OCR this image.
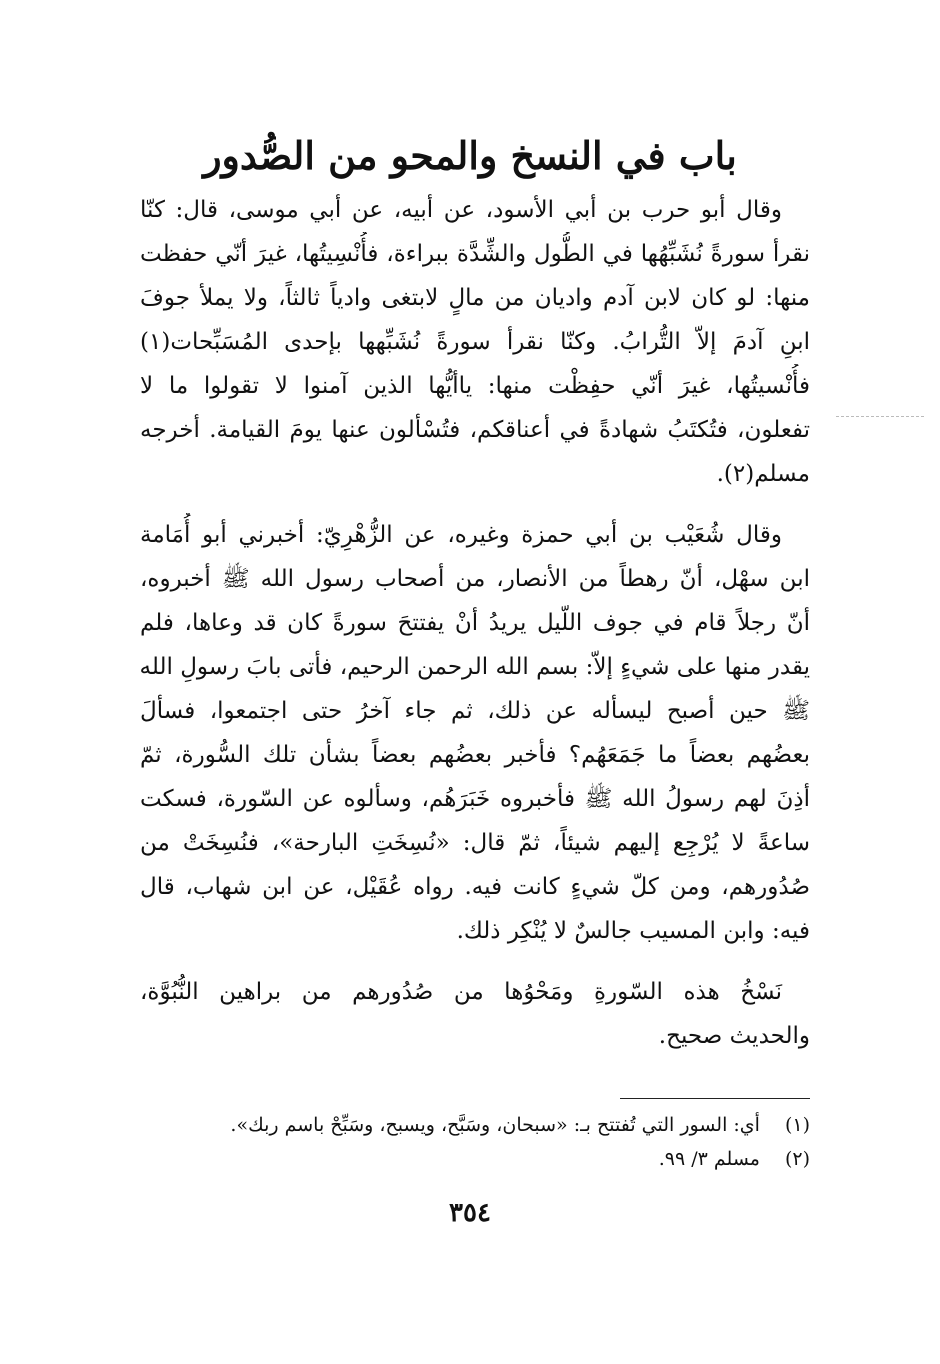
باب في النسخ والمحو من الصُّدور
وقال أبو حرب بن أبي الأسود، عن أبيه، عن أبي موسى، قال: كنّا
نقرأ سورةً نُشَبِّهُها في الطُّول والشِّدَّة ببراءة، فأُنْسِيتُها، غيرَ أنّي حفظت
منها: لو كان لابن آدم واديان من مالٍ لابتغى وادياً ثالثاً، ولا يملأ جوفَ
ابنِ آدمَ إلاّ التُّرابُ. وكنّا نقرأ سورةً نُشَبِّهها بإحدى المُسَبِّحات(١)
فأُنْسيتُها، غيرَ أنّي حفِظْت منها: ياأيُّها الذين آمنوا لا تقولوا ما لا
تفعلون، فتُكتَبُ شهادةً في أعناقكم، فتُسْألون عنها يومَ القيامة. أخرجه
مسلم(٢).
وقال شُعَيْب بن أبي حمزة وغيره، عن الزُّهْرِيّ: أخبرني أبو أُمَامة
ابن سهْل، أنّ رهطاً من الأنصار، من أصحاب رسول الله ﷺ أخبروه،
أنّ رجلاً قام في جوف اللّيل يريدُ أنْ يفتتحَ سورةً كان قد وعاها، فلم
يقدر منها على شيءٍ إلاّ: بسم الله الرحمن الرحيم، فأتى بابَ رسولِ الله
ﷺ حين أصبح ليسأله عن ذلك، ثم جاء آخرُ حتى اجتمعوا، فسألَ
بعضُهم بعضاً ما جَمَعَهُم؟ فأخبر بعضُهم بعضاً بشأن تلك السُّورة، ثمّ
أذِنَ لهم رسولُ الله ﷺ فأخبروه خَبَرَهُم، وسألوه عن السّورة، فسكت
ساعةً لا يُرْجِع إليهم شيئاً، ثمّ قال: «نُسِخَتِ البارحة»، فنُسِخَتْ من
صُدُورهم، ومن كلّ شيءٍ كانت فيه. رواه عُقَيْل، عن ابن شهاب، قال
فيه: وابن المسيب جالسٌ لا يُنْكِر ذلك.
نَسْخُ هذه السّورةِ ومَحْوُها من صُدُورهم من براهين النُّبُوَّة،
والحديث صحيح.
(١) أي: السور التي تُفتتح بـ: «سبحان، وسَبَّح، ويسبح، وسَبِّحْ باسم ربك».
(٢) مسلم ٣/ ٩٩.
٣٥٤
